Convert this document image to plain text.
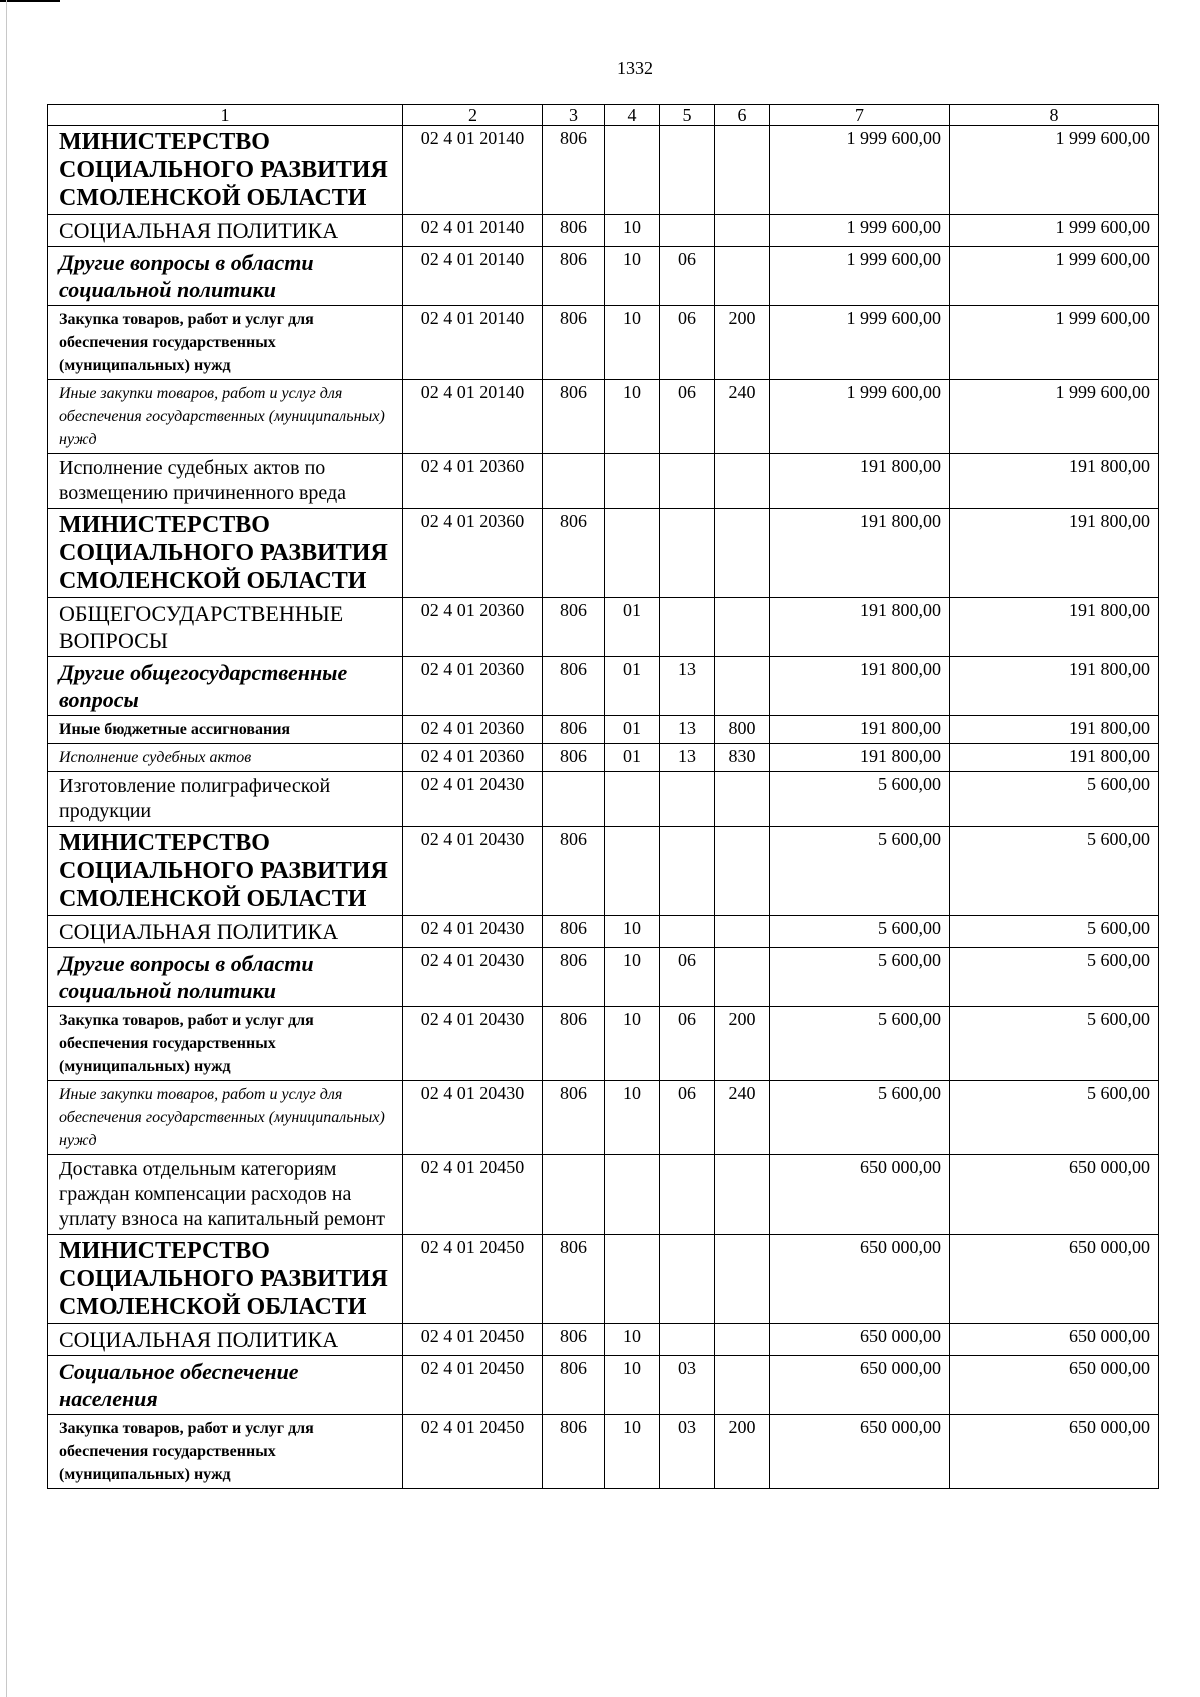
1332
1	2	3	4	5	6	7	8
МИНИСТЕРСТВО СОЦИАЛЬНОГО РАЗВИТИЯ СМОЛЕНСКОЙ ОБЛАСТИ	02 4 01 20140	806				1 999 600,00	1 999 600,00
СОЦИАЛЬНАЯ ПОЛИТИКА	02 4 01 20140	806	10			1 999 600,00	1 999 600,00
Другие вопросы в области социальной политики	02 4 01 20140	806	10	06		1 999 600,00	1 999 600,00
Закупка товаров, работ и услуг для обеспечения государственных (муниципальных) нужд	02 4 01 20140	806	10	06	200	1 999 600,00	1 999 600,00
Иные закупки товаров, работ и услуг для обеспечения государственных (муниципальных) нужд	02 4 01 20140	806	10	06	240	1 999 600,00	1 999 600,00
Исполнение судебных актов по возмещению причиненного вреда	02 4 01 20360					191 800,00	191 800,00
МИНИСТЕРСТВО СОЦИАЛЬНОГО РАЗВИТИЯ СМОЛЕНСКОЙ ОБЛАСТИ	02 4 01 20360	806				191 800,00	191 800,00
ОБЩЕГОСУДАРСТВЕННЫЕ ВОПРОСЫ	02 4 01 20360	806	01			191 800,00	191 800,00
Другие общегосударственные вопросы	02 4 01 20360	806	01	13		191 800,00	191 800,00
Иные бюджетные ассигнования	02 4 01 20360	806	01	13	800	191 800,00	191 800,00
Исполнение судебных актов	02 4 01 20360	806	01	13	830	191 800,00	191 800,00
Изготовление полиграфической продукции	02 4 01 20430					5 600,00	5 600,00
МИНИСТЕРСТВО СОЦИАЛЬНОГО РАЗВИТИЯ СМОЛЕНСКОЙ ОБЛАСТИ	02 4 01 20430	806				5 600,00	5 600,00
СОЦИАЛЬНАЯ ПОЛИТИКА	02 4 01 20430	806	10			5 600,00	5 600,00
Другие вопросы в области социальной политики	02 4 01 20430	806	10	06		5 600,00	5 600,00
Закупка товаров, работ и услуг для обеспечения государственных (муниципальных) нужд	02 4 01 20430	806	10	06	200	5 600,00	5 600,00
Иные закупки товаров, работ и услуг для обеспечения государственных (муниципальных) нужд	02 4 01 20430	806	10	06	240	5 600,00	5 600,00
Доставка отдельным категориям граждан компенсации расходов на уплату взноса на капитальный ремонт	02 4 01 20450					650 000,00	650 000,00
МИНИСТЕРСТВО СОЦИАЛЬНОГО РАЗВИТИЯ СМОЛЕНСКОЙ ОБЛАСТИ	02 4 01 20450	806				650 000,00	650 000,00
СОЦИАЛЬНАЯ ПОЛИТИКА	02 4 01 20450	806	10			650 000,00	650 000,00
Социальное обеспечение населения	02 4 01 20450	806	10	03		650 000,00	650 000,00
Закупка товаров, работ и услуг для обеспечения государственных (муниципальных) нужд	02 4 01 20450	806	10	03	200	650 000,00	650 000,00
